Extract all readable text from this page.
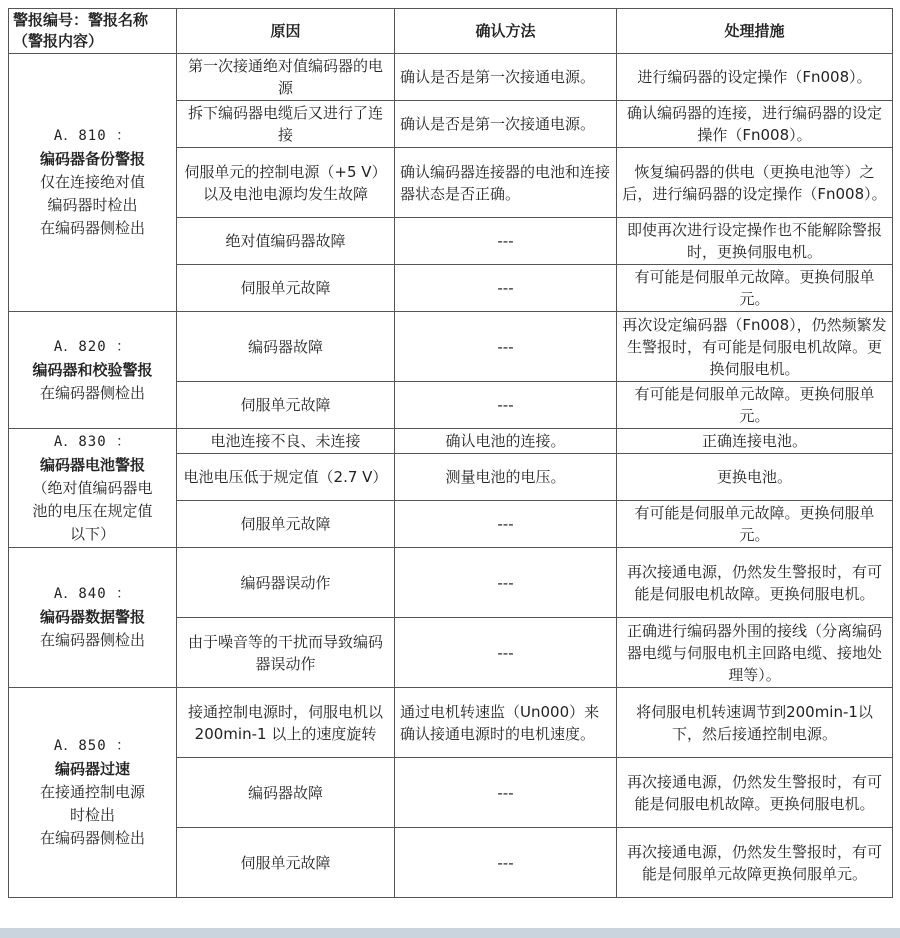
警报编号：警报名称（警报内容）	原因	确认方法	处理措施

A．810 ：
编码器备份警报
仅在连接绝对值
编码器时检出
在编码器侧检出	第一次接通绝对值编码器的电源	确认是否是第一次接通电源。	进行编码器的设定操作（Fn008）。
	拆下编码器电缆后又进行了连接	确认是否是第一次接通电源。	确认编码器的连接，进行编码器的设定操作（Fn008）。
	伺服单元的控制电源（+5 V）以及电池电源均发生故障	确认编码器连接器的电池和连接器状态是否正确。	恢复编码器的供电（更换电池等）之后，进行编码器的设定操作（Fn008）。
	绝对值编码器故障	---	即使再次进行设定操作也不能解除警报时，更换伺服电机。
	伺服单元故障	---	有可能是伺服单元故障。更换伺服单元。

A．820 ：
编码器和校验警报
在编码器侧检出	编码器故障	---	再次设定编码器（Fn008），仍然频繁发生警报时，有可能是伺服电机故障。更换伺服电机。
	伺服单元故障	---	有可能是伺服单元故障。更换伺服单元。

A．830 ：
编码器电池警报
（绝对值编码器电
池的电压在规定值
以下）	电池连接不良、未连接	确认电池的连接。	正确连接电池。
	电池电压低于规定值（2.7 V）	测量电池的电压。	更换电池。
	伺服单元故障	---	有可能是伺服单元故障。更换伺服单元。

A．840 ：
编码器数据警报
在编码器侧检出	编码器误动作	---	再次接通电源，仍然发生警报时，有可能是伺服电机故障。更换伺服电机。
	由于噪音等的干扰而导致编码器误动作	---	正确进行编码器外围的接线（分离编码器电缆与伺服电机主回路电缆、接地处理等）。

A．850 ：
编码器过速
在接通控制电源
时检出
在编码器侧检出	接通控制电源时，伺服电机以200min-1 以上的速度旋转	通过电机转速监（Un000）来确认接通电源时的电机速度。	将伺服电机转速调节到200min-1以下，然后接通控制电源。
	编码器故障	---	再次接通电源，仍然发生警报时，有可能是伺服电机故障。更换伺服电机。
	伺服单元故障	---	再次接通电源，仍然发生警报时，有可能是伺服单元故障更换伺服单元。
